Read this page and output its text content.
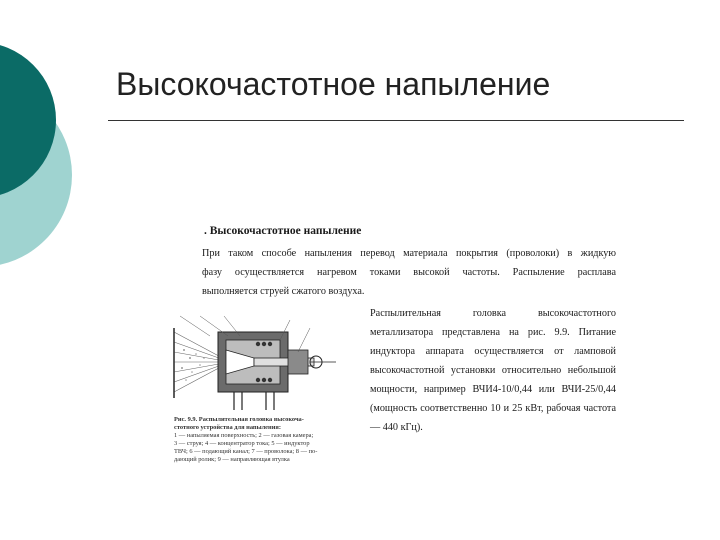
Высокочастотное напыление
. Высокочастотное напыление
При таком способе напыления перевод материала покрытия (проволоки) в жидкую
фазу осуществляется нагревом токами высокой частоты. Распыление расплава
выполняется струей сжатого воздуха.
Распылительная головка высокочастотного
металлизатора представлена на рис. 9.9. Питание
индуктора аппарата осуществляется от ламповой
высокочастотной установки относительно небольшой
мощности, например ВЧИ4-10/0,44 или ВЧИ-25/0,44
(мощность соответственно 10 и 25 кВт, рабочая частота
— 440 кГц).
Рис. 9.9. Распылительная головка высокоча-
стотного устройства для напыления:
1 — напыляемая поверхность; 2 — газовая камера;
3 — струя; 4 — концентратор тока; 5 — индуктор
ТВЧ; 6 — подающий канал; 7 — проволока; 8 — по-
дающий ролик; 9 — направляющая втулка
